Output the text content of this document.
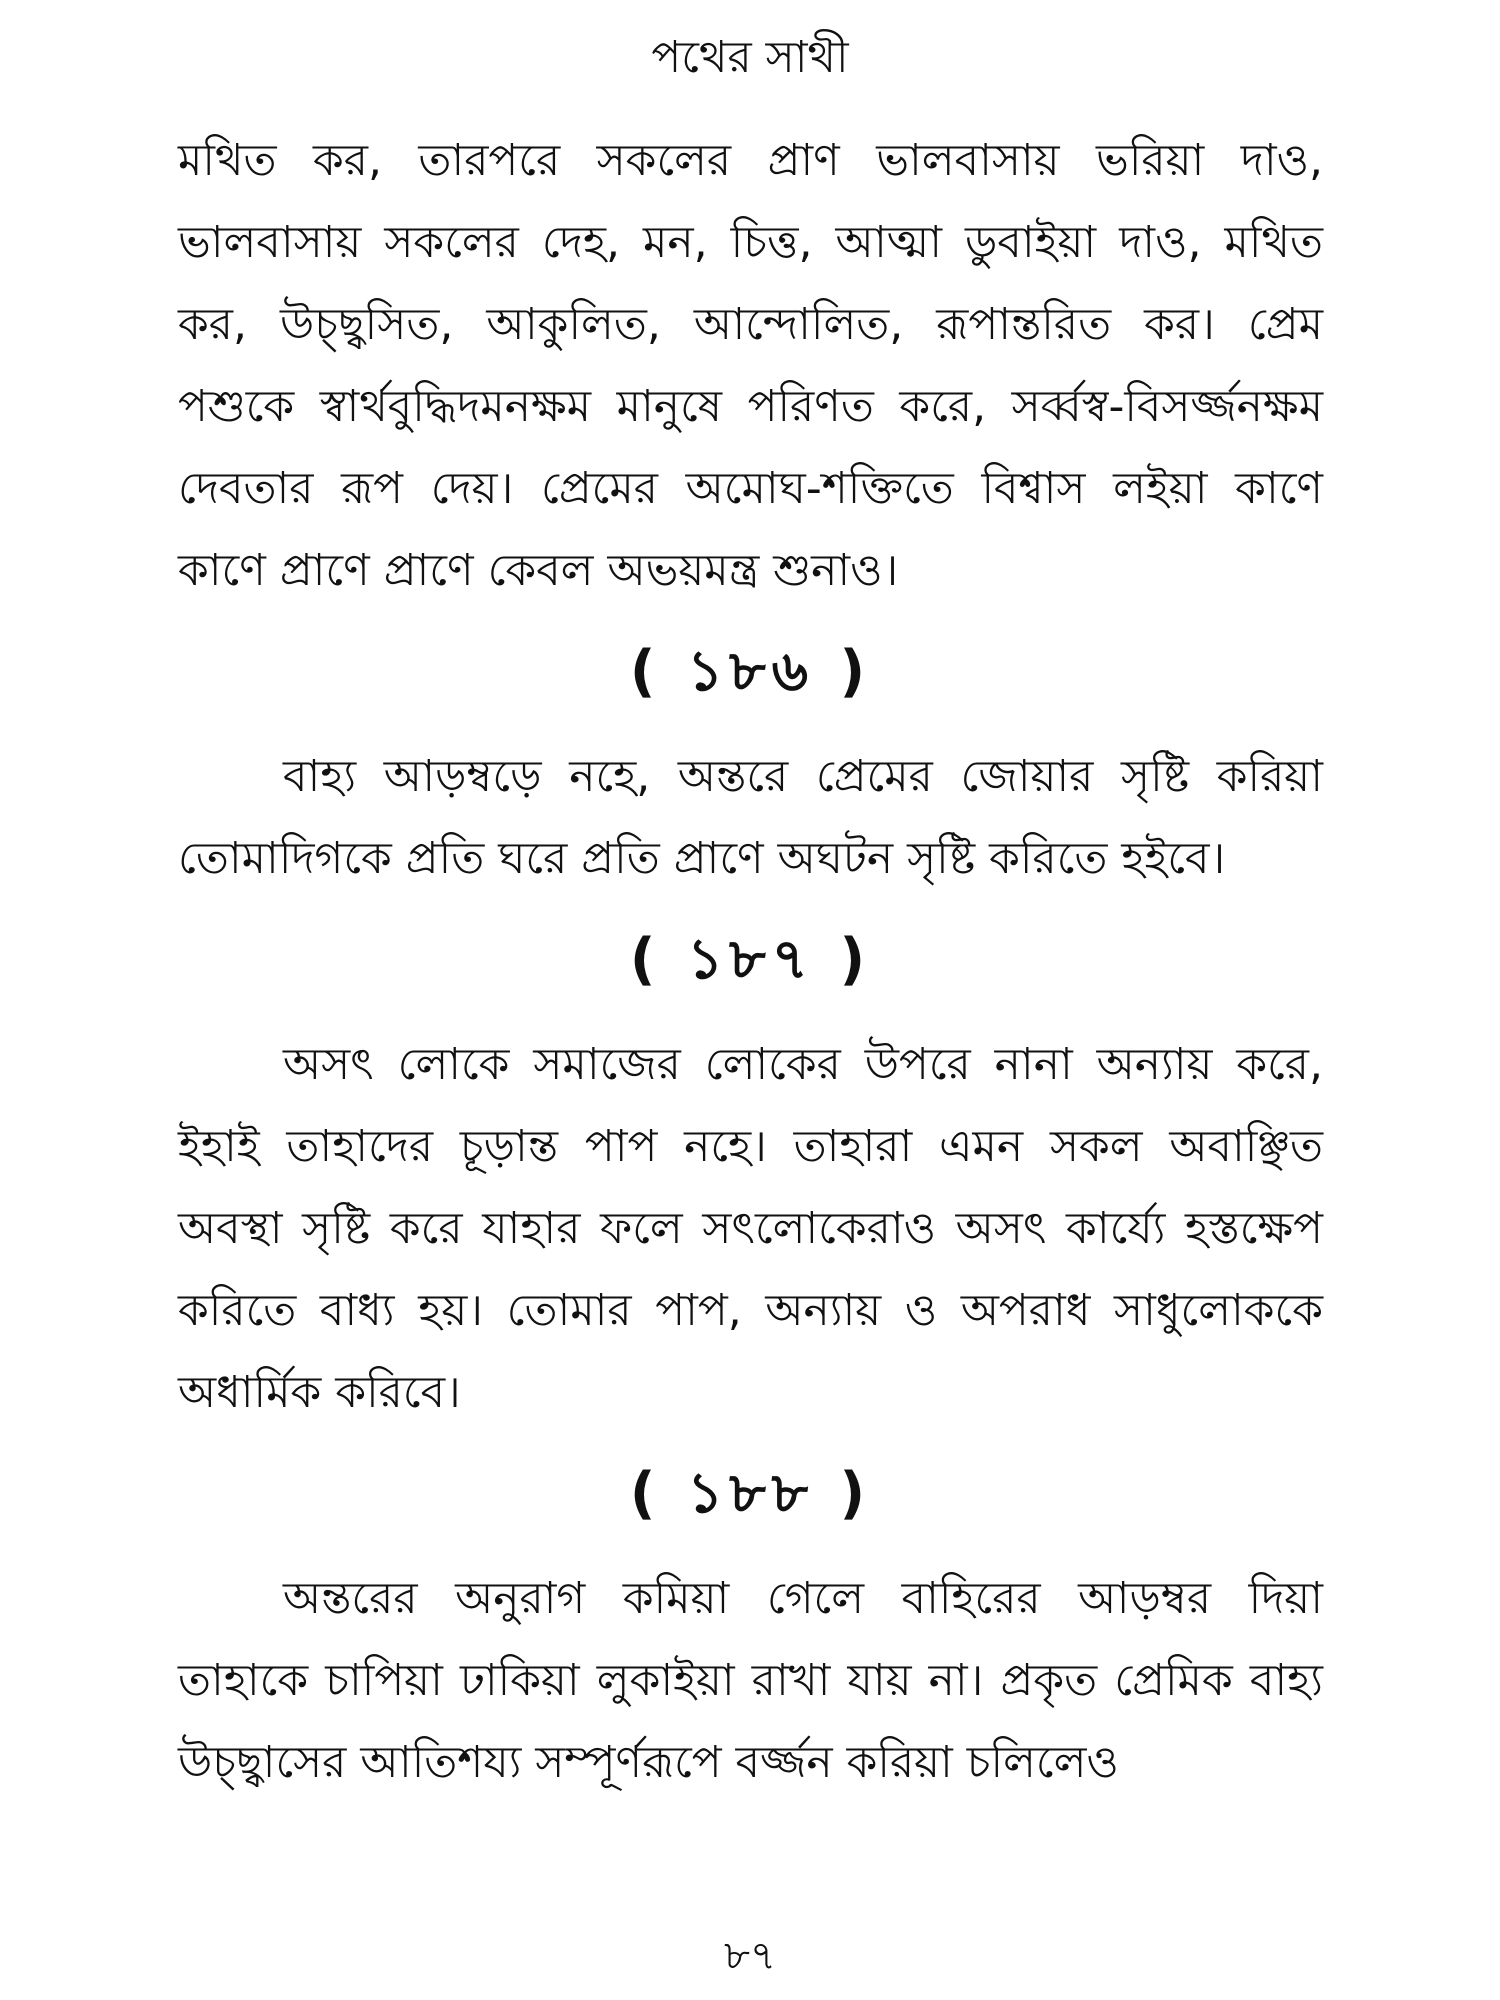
পথের সাথী

মথিত কর, তারপরে সকলের প্রাণ ভালবাসায় ভরিয়া দাও, ভালবাসায় সকলের দেহ, মন, চিত্ত, আত্মা ডুবাইয়া দাও, মথিত কর, উচ্ছ্বসিত, আকুলিত, আন্দোলিত, রূপান্তরিত কর। প্রেম পশুকে স্বার্থবুদ্ধিদমনক্ষম মানুষে পরিণত করে, সর্ব্বস্ব-বিসর্জ্জনক্ষম দেবতার রূপ দেয়। প্রেমের অমোঘ-শক্তিতে বিশ্বাস লইয়া কাণে কাণে প্রাণে প্রাণে কেবল অভয়মন্ত্র শুনাও।

( ১৮৬ )

বাহ্য আড়ম্বড়ে নহে, অন্তরে প্রেমের জোয়ার সৃষ্টি করিয়া তোমাদিগকে প্রতি ঘরে প্রতি প্রাণে অঘটন সৃষ্টি করিতে হইবে।

( ১৮৭ )

অসৎ লোকে সমাজের লোকের উপরে নানা অন্যায় করে, ইহাই তাহাদের চূড়ান্ত পাপ নহে। তাহারা এমন সকল অবাঞ্ছিত অবস্থা সৃষ্টি করে যাহার ফলে সৎলোকেরাও অসৎ কার্য্যে হস্তক্ষেপ করিতে বাধ্য হয়। তোমার পাপ, অন্যায় ও অপরাধ সাধুলোককে অধার্মিক করিবে।

( ১৮৮ )

অন্তরের অনুরাগ কমিয়া গেলে বাহিরের আড়ম্বর দিয়া তাহাকে চাপিয়া ঢাকিয়া লুকাইয়া রাখা যায় না। প্রকৃত প্রেমিক বাহ্য উচ্ছ্বাসের আতিশয্য সম্পূর্ণরূপে বর্জ্জন করিয়া চলিলেও

৮৭
